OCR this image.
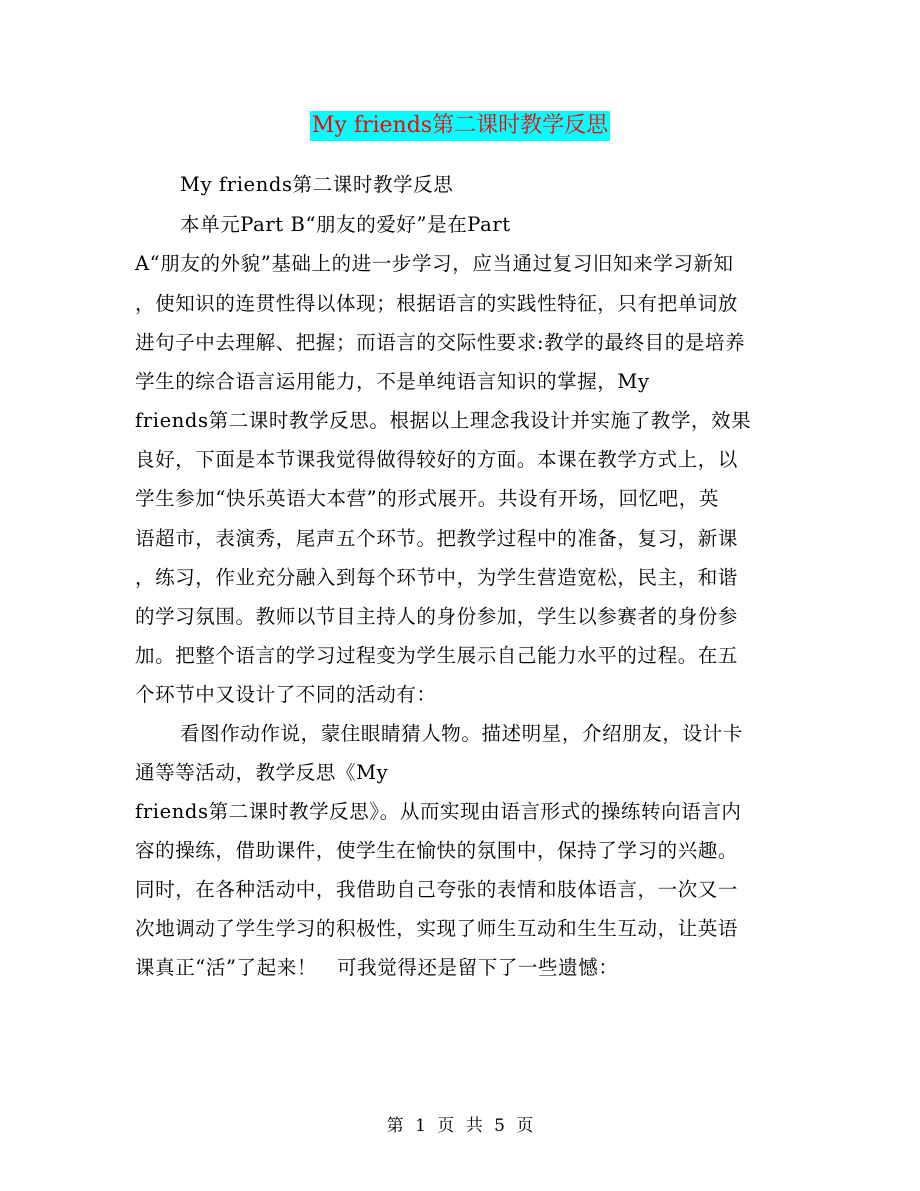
My friends第二课时教学反思
My friends第二课时教学反思
本单元Part B“朋友的爱好”是在Part
A“朋友的外貌”基础上的进一步学习，应当通过复习旧知来学习新知
，使知识的连贯性得以体现；根据语言的实践性特征，只有把单词放
进句子中去理解、把握；而语言的交际性要求:教学的最终目的是培养
学生的综合语言运用能力，不是单纯语言知识的掌握，My
friends第二课时教学反思。根据以上理念我设计并实施了教学，效果
良好，下面是本节课我觉得做得较好的方面。本课在教学方式上，以
学生参加“快乐英语大本营”的形式展开。共设有开场，回忆吧，英
语超市，表演秀，尾声五个环节。把教学过程中的准备，复习，新课
，练习，作业充分融入到每个环节中，为学生营造宽松，民主，和谐
的学习氛围。教师以节目主持人的身份参加，学生以参赛者的身份参
加。把整个语言的学习过程变为学生展示自己能力水平的过程。在五
个环节中又设计了不同的活动有：
看图作动作说，蒙住眼睛猜人物。描述明星，介绍朋友，设计卡
通等等活动，教学反思《My
friends第二课时教学反思》。从而实现由语言形式的操练转向语言内
容的操练，借助课件，使学生在愉快的氛围中，保持了学习的兴趣。
同时，在各种活动中，我借助自己夸张的表情和肢体语言，一次又一
次地调动了学生学习的积极性，实现了师生互动和生生互动，让英语
课真正“活”了起来！　可我觉得还是留下了一些遗憾：
第 1 页 共 5 页
